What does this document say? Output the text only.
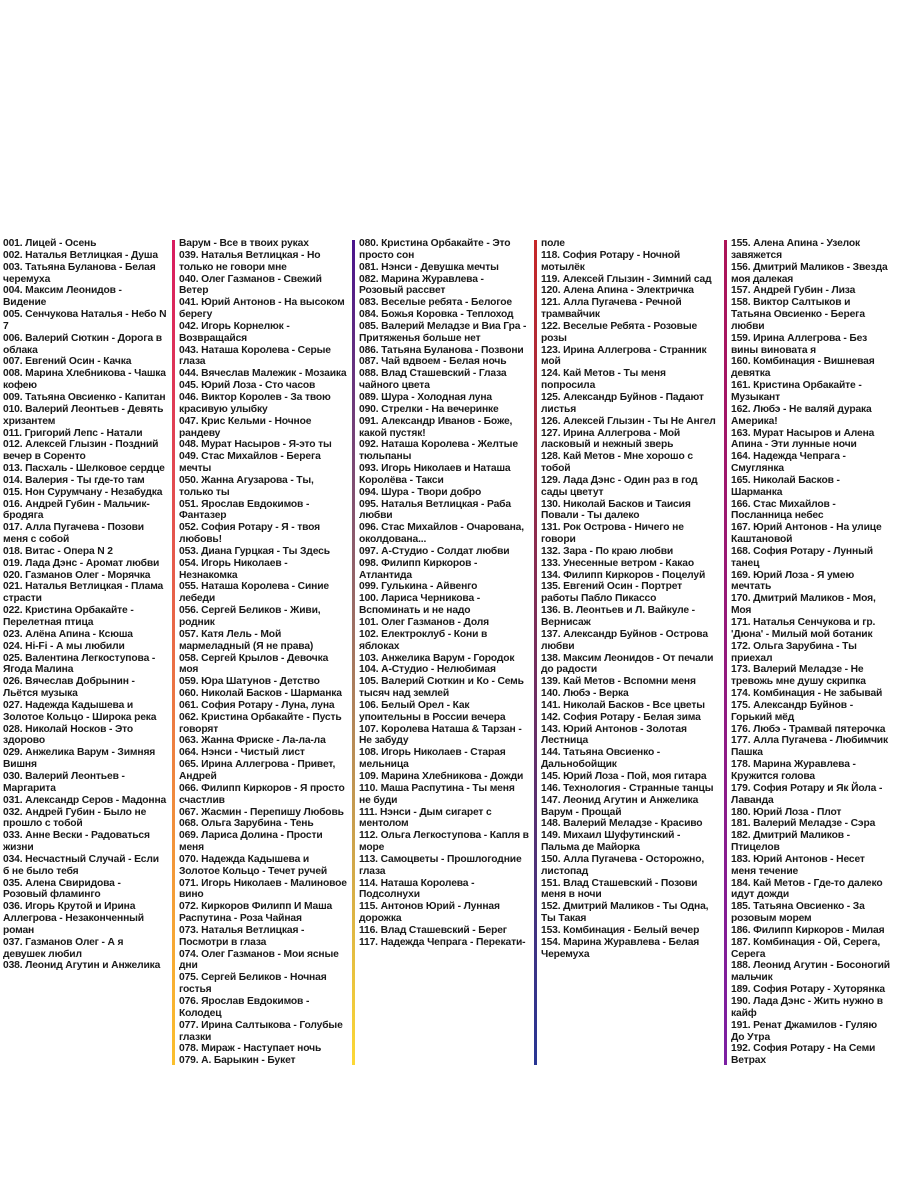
001. Лицей - Осень
002. Наталья Ветлицкая - Душа
003. Татьяна Буланова - Белая черемуха
004. Максим Леонидов - Видение
005. Сенчукова Наталья - Небо N 7
006. Валерий Сюткин - Дорога в облака
007. Евгений Осин - Качка
008. Марина Хлебникова - Чашка кофею
009. Татьяна Овсиенко - Капитан
010. Валерий Леонтьев - Девять хризантем
011. Григорий Лепс - Натали
012. Алексей Глызин - Поздний вечер в Соренто
013. Пасхаль - Шелковое сердце
014. Валерия - Ты где-то там
015. Нон Сурумчану - Незабудка
016. Андрей Губин - Мальчик-бродяга
017. Алла Пугачева - Позови меня с собой
018. Витас - Опера N 2
019. Лада Дэнс - Аромат любви
020. Газманов Олег - Морячка
021. Наталья Ветлицкая - Плама страсти
022. Кристина Орбакайте - Перелетная птица
023. Алёна Апина - Ксюша
024. Hi-Fi - А мы любили
025. Валентина Легкоступова - Ягода Малина
026. Вячеслав Добрынин - Льётся музыка
027. Надежда Кадышева и Золотое Кольцо - Широка река
028. Николай Носков - Это здорово
029. Анжелика Варум - Зимняя Вишня
030. Валерий Леонтьев - Маргарита
031. Александр Серов - Мадонна
032. Андрей Губин - Было не прошло с тобой
033. Анне Вески - Радоваться жизни
034. Несчастный Случай - Если б не было тебя
035. Алена Свиридова - Розовый фламинго
036. Игорь Крутой и Ирина Аллегрова - Незаконченный роман
037. Газманов Олег - А я девушек любил
038. Леонид Агутин и Анжелика
Варум - Все в твоих руках
039. Наталья Ветлицкая - Но только не говори мне
040. Олег Газманов - Свежий Ветер
041. Юрий Антонов - На высоком берегу
042. Игорь Корнелюк - Возвращайся
043. Наташа Королева - Серые глаза
044. Вячеслав Малежик - Мозаика
045. Юрий Лоза - Сто часов
046. Виктор Королев - За твою красивую улыбку
047. Крис Кельми - Ночное рандеву
048. Мурат Насыров - Я-это ты
049. Стас Михайлов - Берега мечты
050. Жанна Агузарова - Ты, только ты
051. Ярослав Евдокимов - Фантазер
052. София Ротару - Я - твоя любовь!
053. Диана Гурцкая - Ты Здесь
054. Игорь Николаев - Незнакомка
055. Наташа Королева - Синие лебеди
056. Сергей Беликов - Живи, родник
057. Катя Лель - Мой мармеладный (Я не права)
058. Сергей Крылов - Девочка моя
059. Юра Шатунов - Детство
060. Николай Басков - Шарманка
061. София Ротару - Луна, луна
062. Кристина Орбакайте - Пусть говорят
063. Жанна Фриске - Ла-ла-ла
064. Нэнси - Чистый лист
065. Ирина Аллегрова - Привет, Андрей
066. Филипп Киркоров - Я просто счастлив
067. Жасмин - Перепишу Любовь
068. Ольга Зарубина - Тень
069. Лариса Долина - Прости меня
070. Надежда Кадышева и Золотое Кольцо - Течет ручей
071. Игорь Николаев - Малиновое вино
072. Киркоров Филипп И Маша Распутина - Роза Чайная
073. Наталья Ветлицкая - Посмотри в глаза
074. Олег Газманов - Мои ясные дни
075. Сергей Беликов - Ночная гостья
076. Ярослав Евдокимов - Колодец
077. Ирина Салтыкова - Голубые глазки
078. Мираж - Наступает ночь
079. А. Барыкин - Букет
080. Кристина Орбакайте - Это просто сон
081. Нэнси - Девушка мечты
082. Марина Журавлева - Розовый рассвет
083. Веселые ребята - Белогое
084. Божья Коровка - Теплоход
085. Валерий Меладзе и Виа Гра - Притяженья больше нет
086. Татьяна Буланова - Позвони
087. Чай вдвоем - Белая ночь
088. Влад Сташевский - Глаза чайного цвета
089. Шура - Холодная луна
090. Стрелки - На вечеринке
091. Александр Иванов - Боже, какой пустяк!
092. Наташа Королева - Желтые тюльпаны
093. Игорь Николаев и Наташа Королёва - Такси
094. Шура - Твори добро
095. Наталья Ветлицкая - Раба любви
096. Стас Михайлов - Очарована, околдована...
097. А-Студио - Солдат любви
098. Филипп Киркоров - Атлантида
099. Гулькина - Айвенго
100. Лариса Черникова - Вспоминать и не надо
101. Олег Газманов - Доля
102. Електроклуб - Кони в яблоках
103. Анжелика Варум - Городок
104. А-Студио - Нелюбимая
105. Валерий Сюткин и Ко - Семь тысяч над землей
106. Белый Орел - Как упоительны в России вечера
107. Королева Наташа & Тарзан - Не забуду
108. Игорь Николаев - Старая мельница
109. Марина Хлебникова - Дожди
110. Маша Распутина - Ты меня не буди
111. Нэнси - Дым сигарет с ментолом
112. Ольга Легкоступова - Капля в море
113. Самоцветы - Прошлогодние глаза
114. Наташа Королева - Подсолнухи
115. Антонов Юрий - Лунная дорожка
116. Влад Сташевский - Берег
117. Надежда Чепрага - Перекати-
поле
118. София Ротару - Ночной мотылёк
119. Алексей Глызин - Зимний сад
120. Алена Апина - Электричка
121. Алла Пугачева - Речной трамвайчик
122. Веселые Ребята - Розовые розы
123. Ирина Аллегрова - Странник мой
124. Кай Метов - Ты меня попросила
125. Александр Буйнов - Падают листья
126. Алексей Глызин - Ты Не Ангел
127. Ирина Аллегрова - Мой ласковый и нежный зверь
128. Кай Метов - Мне хорошо с тобой
129. Лада Дэнс - Один раз в год сады цветут
130. Николай Басков и Таисия Повали - Ты далеко
131. Рок Острова - Ничего не говори
132. Зара - По краю любви
133. Унесенные ветром - Какао
134. Филипп Киркоров - Поцелуй
135. Евгений Осин - Портрет работы Пабло Пикассо
136. В. Леонтьев и Л. Вайкуле - Вернисаж
137. Александр Буйнов - Острова любви
138. Максим Леонидов - От печали до радости
139. Кай Метов - Вспомни меня
140. Любэ - Верка
141. Николай Басков - Все цветы
142. София Ротару - Белая зима
143. Юрий Антонов - Золотая Лестница
144. Татьяна Овсиенко - Дальнобойщик
145. Юрий Лоза - Пой, моя гитара
146. Технология - Странные танцы
147. Леонид Агутин и Анжелика Варум - Прощай
148. Валерий Меладзе - Красиво
149. Михаил Шуфутинский - Пальма де Майорка
150. Алла Пугачева - Осторожно, листопад
151. Влад Сташевский - Позови меня в ночи
152. Дмитрий Маликов - Ты Одна, Ты Такая
153. Комбинация - Белый вечер
154. Марина Журавлева - Белая Черемуха
155. Алена Апина - Узелок завяжется
156. Дмитрий Маликов - Звезда моя далекая
157. Андрей Губин - Лиза
158. Виктор Салтыков и Татьяна Овсиенко - Берега любви
159. Ирина Аллегрова - Без вины виновата я
160. Комбинация - Вишневая девятка
161. Кристина Орбакайте - Музыкант
162. Любэ - Не валяй дурака Америка!
163. Мурат Насыров и Алена Апина - Эти лунные ночи
164. Надежда Чепрага - Смуглянка
165. Николай Басков - Шарманка
166. Стас Михайлов - Посланница небес
167. Юрий Антонов - На улице Каштановой
168. София Ротару - Лунный танец
169. Юрий Лоза - Я умею мечтать
170. Дмитрий Маликов - Моя, Моя
171. Наталья Сенчукова и гр. 'Дюна' - Милый мой ботаник
172. Ольга Зарубина - Ты приехал
173. Валерий Меладзе - Не тревожь мне душу скрипка
174. Комбинация - Не забывай
175. Александр Буйнов - Горький мёд
176. Любэ - Трамвай пятерочка
177. Алла Пугачева - Любимчик Пашка
178. Марина Журавлева - Кружится голова
179. София Ротару и Як Йола - Лаванда
180. Юрий Лоза - Плот
181. Валерий Меладзе - Сэра
182. Дмитрий Маликов - Птицелов
183. Юрий Антонов - Несет меня течение
184. Кай Метов - Где-то далеко идут дожди
185. Татьяна Овсиенко - За розовым морем
186. Филипп Киркоров - Милая
187. Комбинация - Ой, Серега, Серега
188. Леонид Агутин - Босоногий мальчик
189. София Ротару - Хуторянка
190. Лада Дэнс - Жить нужно в кайф
191. Ренат Джамилов - Гуляю До Утра
192. София Ротару - На Семи Ветрах
